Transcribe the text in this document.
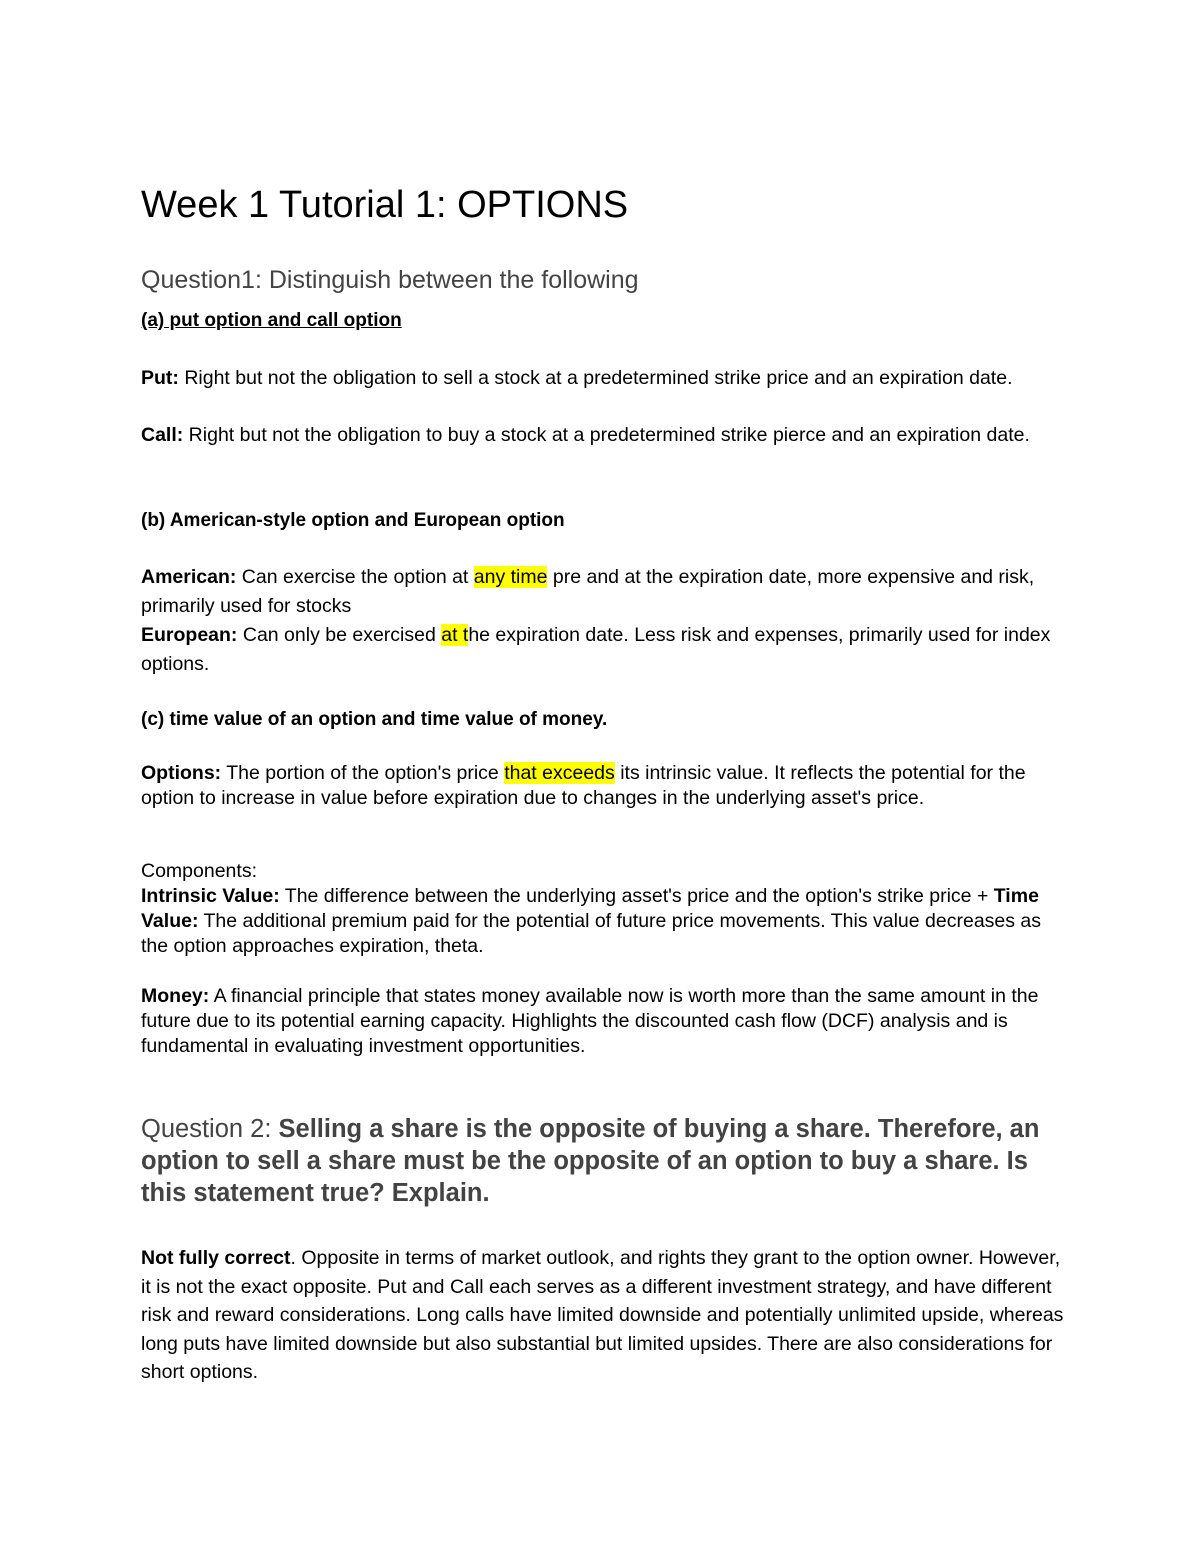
Week 1 Tutorial 1: OPTIONS
Question1: Distinguish between the following
(a) put option and call option

Put: Right but not the obligation to sell a stock at a predetermined strike price and an expiration date.

Call: Right but not the obligation to buy a stock at a predetermined strike pierce and an expiration date.

(b) American-style option and European option

American: Can exercise the option at any time pre and at the expiration date, more expensive and risk, primarily used for stocks

European: Can only be exercised at the expiration date. Less risk and expenses, primarily used for index options.

(c) time value of an option and time value of money.

Options: The portion of the option's price that exceeds its intrinsic value. It reflects the potential for the option to increase in value before expiration due to changes in the underlying asset's price.

Components:

Intrinsic Value: The difference between the underlying asset's price and the option's strike price + Time Value: The additional premium paid for the potential of future price movements. This value decreases as the option approaches expiration, theta.

Money: A financial principle that states money available now is worth more than the same amount in the future due to its potential earning capacity. Highlights the discounted cash flow (DCF) analysis and is fundamental in evaluating investment opportunities.

Question 2: Selling a share is the opposite of buying a share. Therefore, an option to sell a share must be the opposite of an option to buy a share. Is this statement true? Explain.

Not fully correct. Opposite in terms of market outlook, and rights they grant to the option owner. However, it is not the exact opposite. Put and Call each serves as a different investment strategy, and have different risk and reward considerations. Long calls have limited downside and potentially unlimited upside, whereas long puts have limited downside but also substantial but limited upsides. There are also considerations for short options.
